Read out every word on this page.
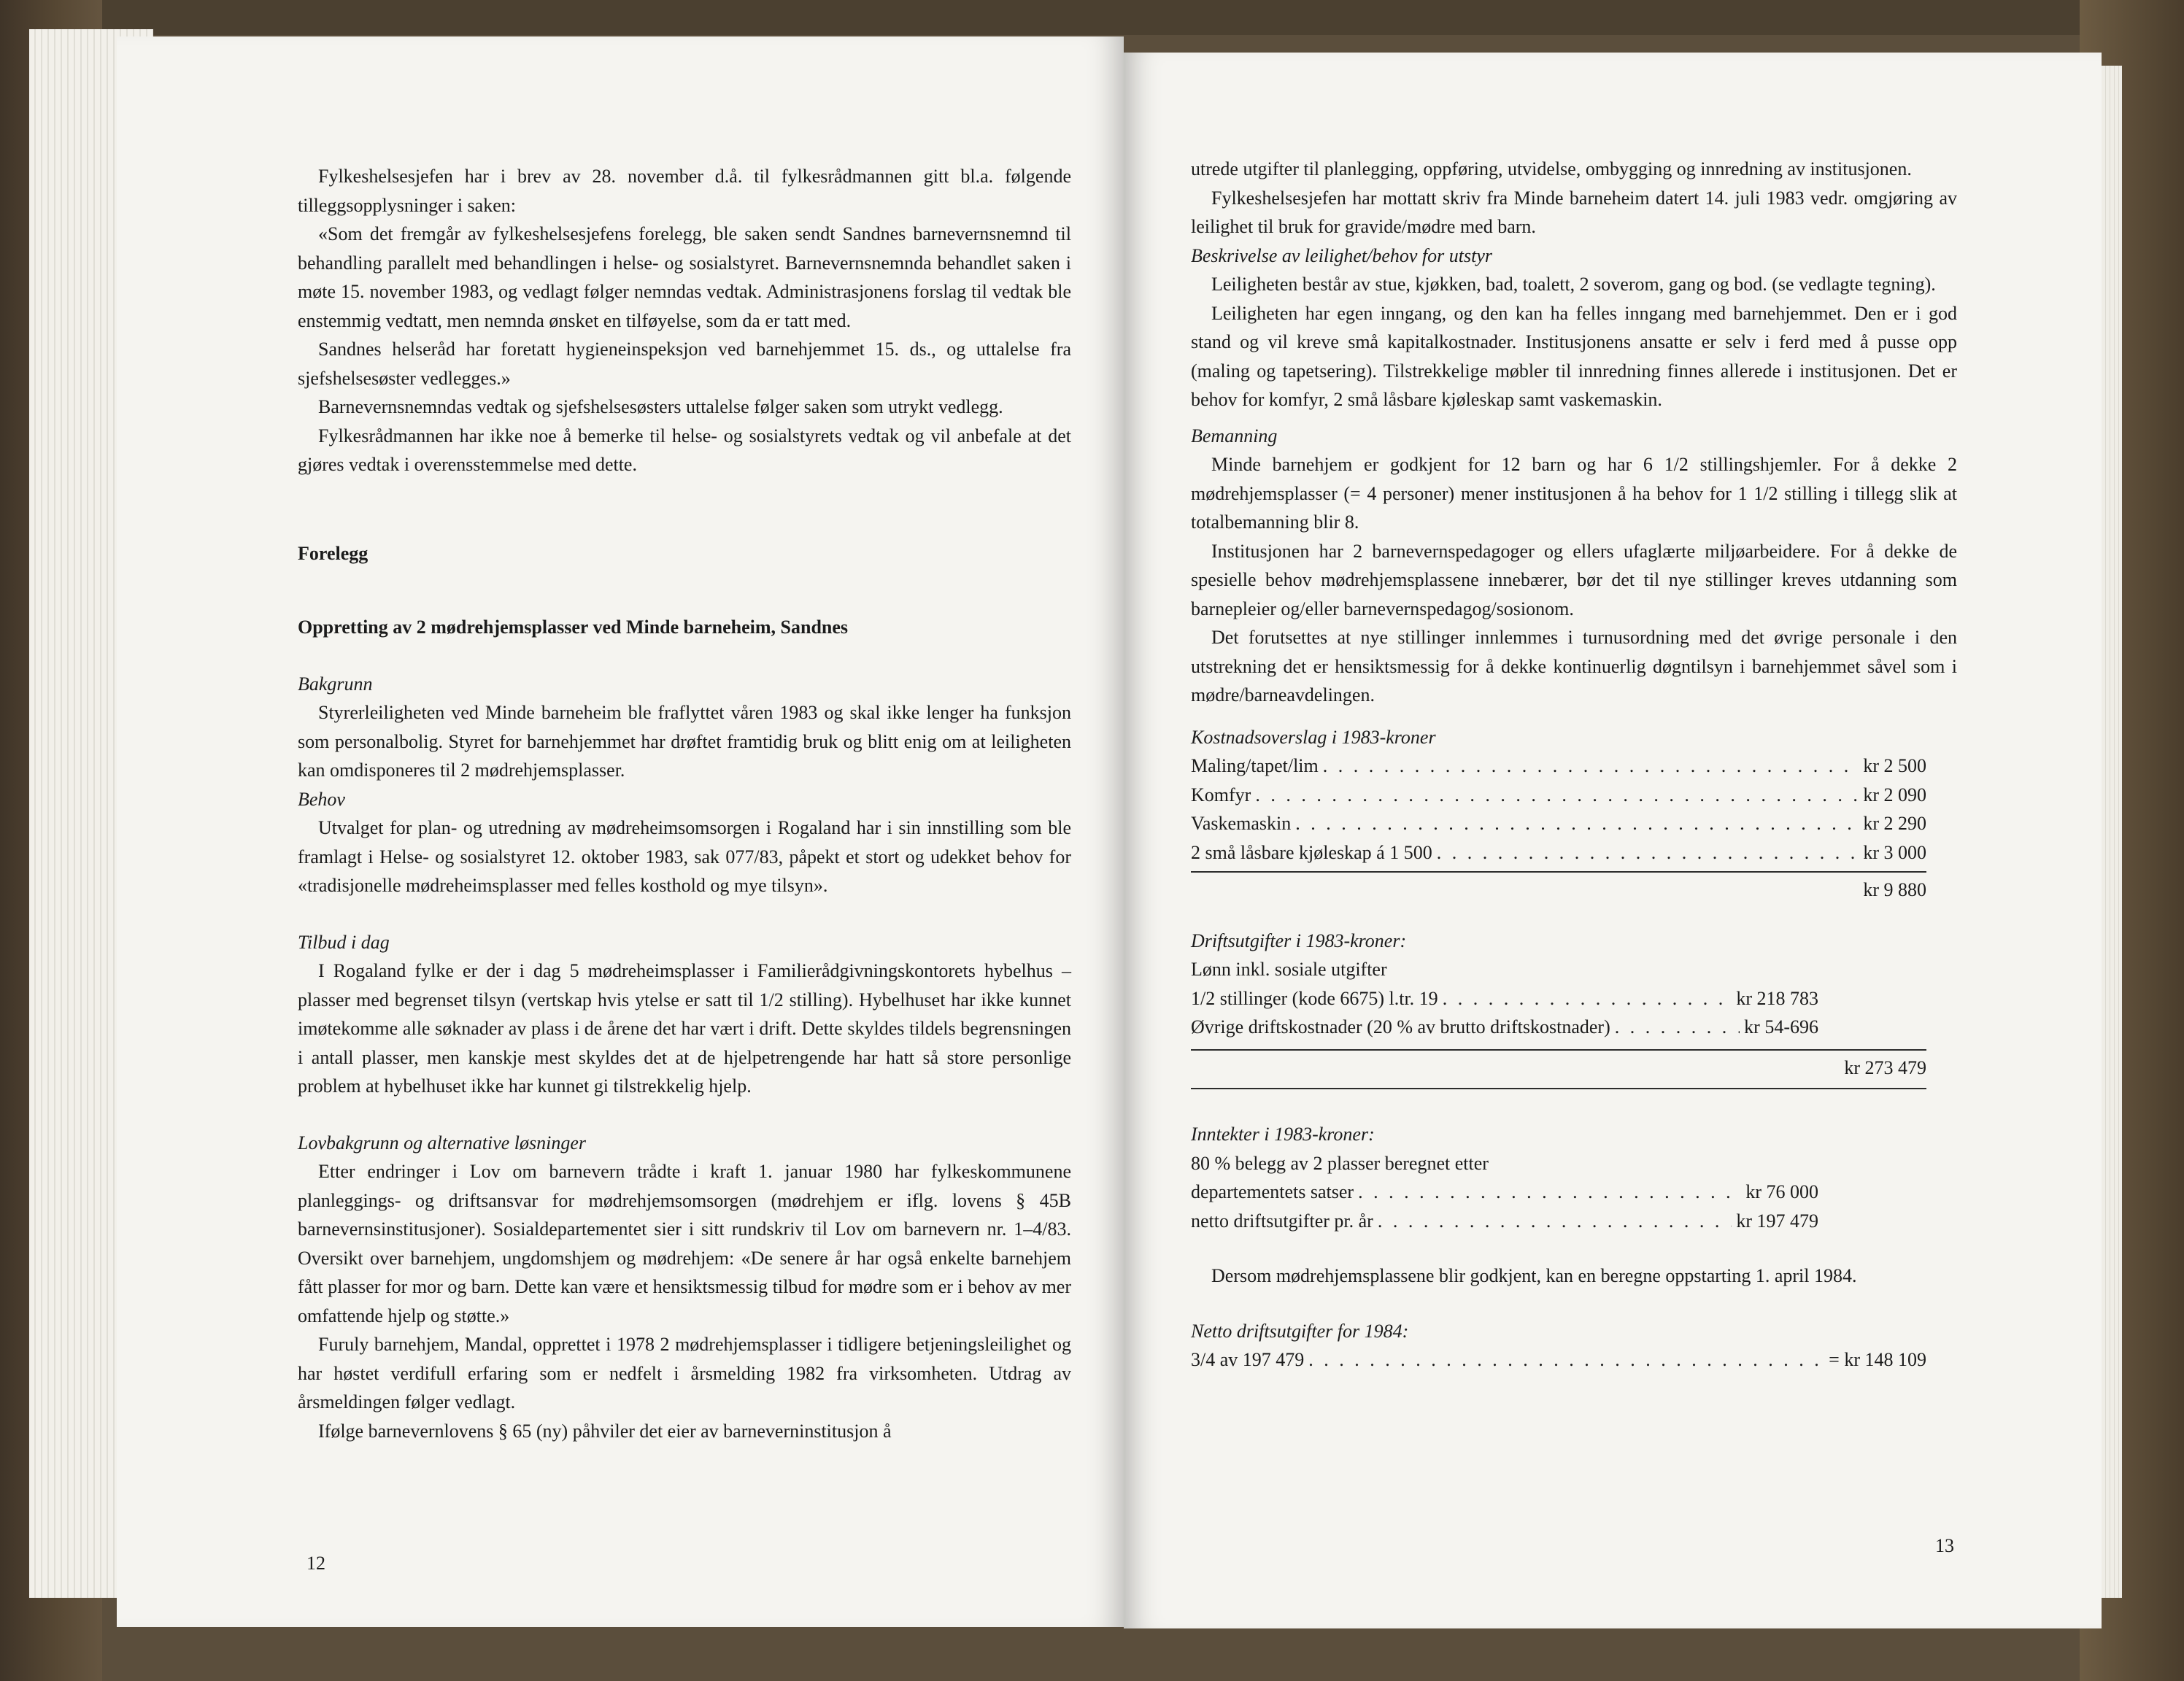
Fylkeshelsesjefen har i brev av 28. november d.å. til fylkesrådmannen gitt bl.a. følgende tilleggsopplysninger i saken:

«Som det fremgår av fylkeshelsesjefens forelegg, ble saken sendt Sandnes barnevernsnemnd til behandling parallelt med behandlingen i helse- og sosialstyret. Barnevernsnemnda behandlet saken i møte 15. november 1983, og vedlagt følger nemndas vedtak. Administrasjonens forslag til vedtak ble enstemmig vedtatt, men nemnda ønsket en tilføyelse, som da er tatt med.

Sandnes helseråd har foretatt hygieneinspeksjon ved barnehjemmet 15. ds., og uttalelse fra sjefshelsesøster vedlegges.»

Barnevernsnemndas vedtak og sjefshelsesøsters uttalelse følger saken som utrykt vedlegg.

Fylkesrådmannen har ikke noe å bemerke til helse- og sosialstyrets vedtak og vil anbefale at det gjøres vedtak i overensstemmelse med dette.

Forelegg

Oppretting av 2 mødrehjemsplasser ved Minde barneheim, Sandnes

Bakgrunn

Styrerleiligheten ved Minde barneheim ble fraflyttet våren 1983 og skal ikke lenger ha funksjon som personalbolig. Styret for barnehjemmet har drøftet framtidig bruk og blitt enig om at leiligheten kan omdisponeres til 2 mødrehjemsplasser.

Behov

Utvalget for plan- og utredning av mødreheimsomsorgen i Rogaland har i sin innstilling som ble framlagt i Helse- og sosialstyret 12. oktober 1983, sak 077/83, påpekt et stort og udekket behov for «tradisjonelle mødreheimsplasser med felles kosthold og mye tilsyn».

Tilbud i dag

I Rogaland fylke er der i dag 5 mødreheimsplasser i Familierådgivningskontorets hybelhus – plasser med begrenset tilsyn (vertskap hvis ytelse er satt til 1/2 stilling). Hybelhuset har ikke kunnet imøtekomme alle søknader av plass i de årene det har vært i drift. Dette skyldes tildels begrensningen i antall plasser, men kanskje mest skyldes det at de hjelpetrengende har hatt så store personlige problem at hybelhuset ikke har kunnet gi tilstrekkelig hjelp.

Lovbakgrunn og alternative løsninger

Etter endringer i Lov om barnevern trådte i kraft 1. januar 1980 har fylkeskommunene planleggings- og driftsansvar for mødrehjemsomsorgen (mødrehjem er iflg. lovens § 45B barnevernsinstitusjoner). Sosialdepartementet sier i sitt rundskriv til Lov om barnevern nr. 1–4/83. Oversikt over barnehjem, ungdomshjem og mødrehjem: «De senere år har også enkelte barnehjem fått plasser for mor og barn. Dette kan være et hensiktsmessig tilbud for mødre som er i behov av mer omfattende hjelp og støtte.»

Furuly barnehjem, Mandal, opprettet i 1978 2 mødrehjemsplasser i tidligere betjeningsleilighet og har høstet verdifull erfaring som er nedfelt i årsmelding 1982 fra virksomheten. Utdrag av årsmeldingen følger vedlagt.

Ifølge barnevernlovens § 65 (ny) påhviler det eier av barneverninstitusjon å

12

utrede utgifter til planlegging, oppføring, utvidelse, ombygging og innredning av institusjonen.

Fylkeshelsesjefen har mottatt skriv fra Minde barneheim datert 14. juli 1983 vedr. omgjøring av leilighet til bruk for gravide/mødre med barn.

Beskrivelse av leilighet/behov for utstyr

Leiligheten består av stue, kjøkken, bad, toalett, 2 soverom, gang og bod. (se vedlagte tegning).

Leiligheten har egen inngang, og den kan ha felles inngang med barnehjemmet. Den er i god stand og vil kreve små kapitalkostnader. Institusjonens ansatte er selv i ferd med å pusse opp (maling og tapetsering). Tilstrekkelige møbler til innredning finnes allerede i institusjonen. Det er behov for komfyr, 2 små låsbare kjøleskap samt vaskemaskin.

Bemanning

Minde barnehjem er godkjent for 12 barn og har 6 1/2 stillingshjemler. For å dekke 2 mødrehjemsplasser (= 4 personer) mener institusjonen å ha behov for 1 1/2 stilling i tillegg slik at totalbemanning blir 8.

Institusjonen har 2 barnevernspedagoger og ellers ufaglærte miljøarbeidere. For å dekke de spesielle behov mødrehjemsplassene innebærer, bør det til nye stillinger kreves utdanning som barnepleier og/eller barnevernspedagog/sosionom.

Det forutsettes at nye stillinger innlemmes i turnusordning med det øvrige personale i den utstrekning det er hensiktsmessig for å dekke kontinuerlig døgntilsyn i barnehjemmet såvel som i mødre/barneavdelingen.

Kostnadsoverslag i 1983-kroner

Maling/tapet/lim . . .	kr 2 500
Komfyr . . .	kr 2 090
Vaskemaskin . . .	kr 2 290
2 små låsbare kjøleskap á 1 500 . . .	kr 3 000
kr 9 880

Driftsutgifter i 1983-kroner:

Lønn inkl. sosiale utgifter
1/2 stillinger (kode 6675) l.tr. 19 . . .	kr 218 783
Øvrige driftskostnader (20 % av brutto driftskostnader) . . .	kr 54-696
kr 273 479

Inntekter i 1983-kroner:

80 % belegg av 2 plasser beregnet etter
departementets satser . . .	kr 76 000
netto driftsutgifter pr. år . . .	kr 197 479

Dersom mødrehjemsplassene blir godkjent, kan en beregne oppstarting 1. april 1984.

Netto driftsutgifter for 1984:

3/4 av 197 479 . . .	= kr 148 109
13
